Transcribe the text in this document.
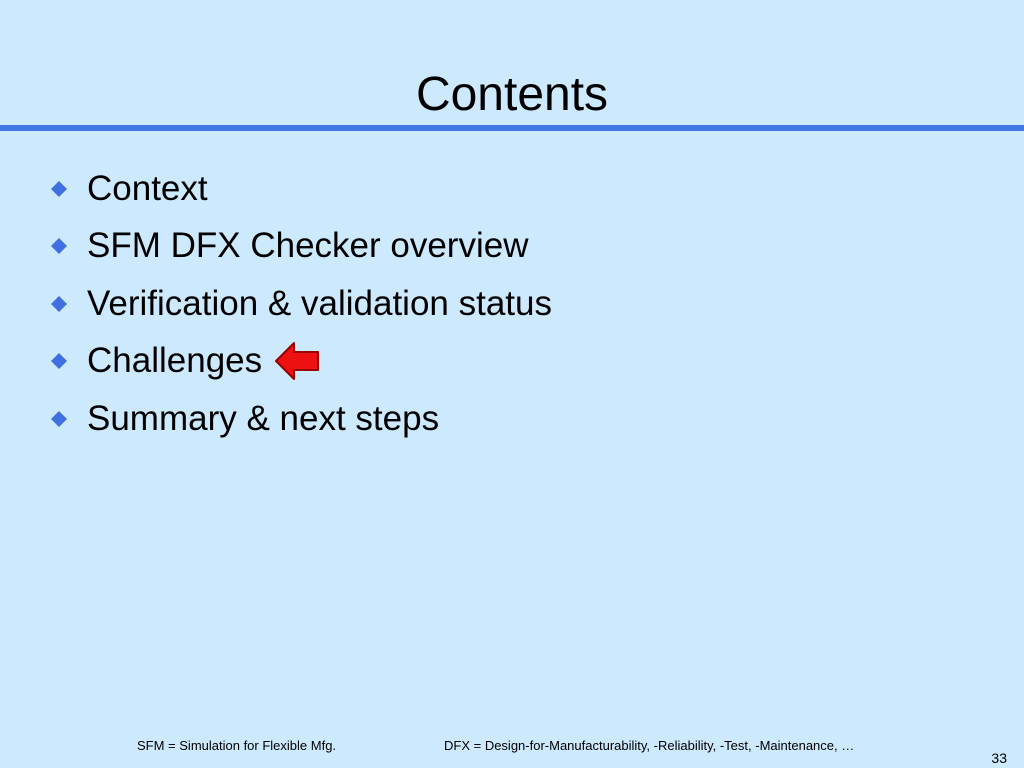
Contents
Context
SFM DFX Checker overview
Verification & validation status
Challenges
Summary & next steps
SFM = Simulation for Flexible Mfg.	DFX = Design-for-Manufacturability, -Reliability, -Test, -Maintenance, …
33
